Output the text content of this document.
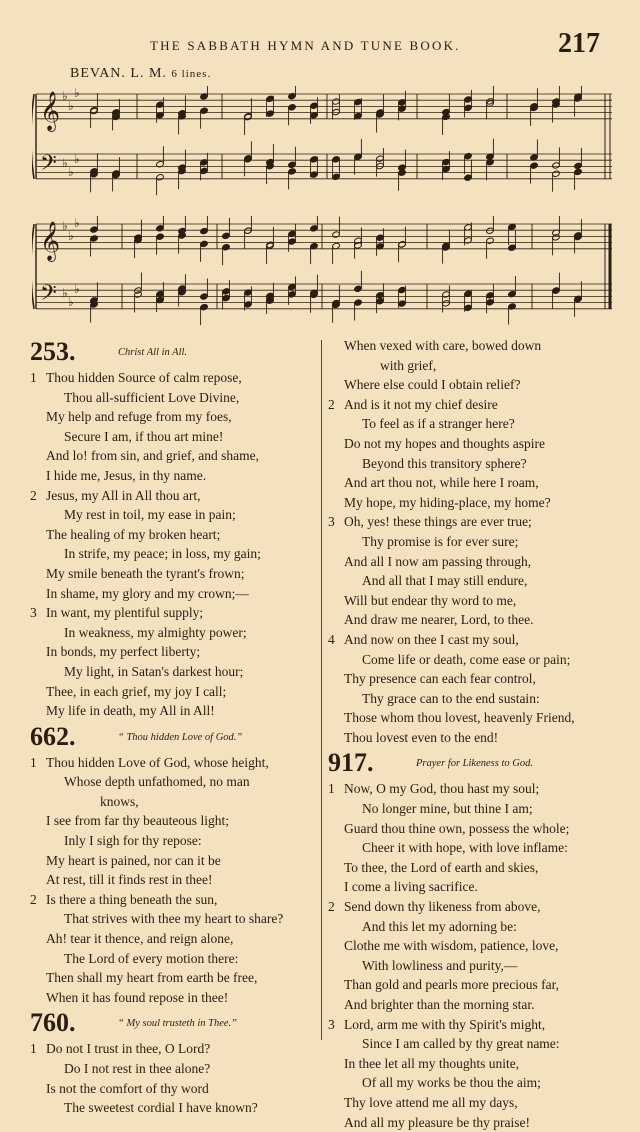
THE SABBATH HYMN AND TUNE BOOK.	217
BEVAN. L. M. 6 lines.
𝄞
𝄢
♭
♭
♭
♭
♭
♭
𝄞
𝄢
♭
♭
♭
♭
♭
♭
253.	Christ All in All.
1 Thou hidden Source of calm repose,
Thou all-sufficient Love Divine,
My help and refuge from my foes,
Secure I am, if thou art mine!
And lo! from sin, and grief, and shame,
I hide me, Jesus, in thy name.
2 Jesus, my All in All thou art,
My rest in toil, my ease in pain;
The healing of my broken heart;
In strife, my peace; in loss, my gain;
My smile beneath the tyrant's frown;
In shame, my glory and my crown;—
3 In want, my plentiful supply;
In weakness, my almighty power;
In bonds, my perfect liberty;
My light, in Satan's darkest hour;
Thee, in each grief, my joy I call;
My life in death, my All in All!
662.	“ Thou hidden Love of God.”
1 Thou hidden Love of God, whose height,
Whose depth unfathomed, no man
knows,
I see from far thy beauteous light;
Inly I sigh for thy repose:
My heart is pained, nor can it be
At rest, till it finds rest in thee!
2 Is there a thing beneath the sun,
That strives with thee my heart to share?
Ah! tear it thence, and reign alone,
The Lord of every motion there:
Then shall my heart from earth be free,
When it has found repose in thee!
760.	“ My soul trusteth in Thee.”
1 Do not I trust in thee, O Lord?
Do I not rest in thee alone?
Is not the comfort of thy word
The sweetest cordial I have known?
When vexed with care, bowed down
with grief,
Where else could I obtain relief?
2 And is it not my chief desire
To feel as if a stranger here?
Do not my hopes and thoughts aspire
Beyond this transitory sphere?
And art thou not, while here I roam,
My hope, my hiding-place, my home?
3 Oh, yes! these things are ever true;
Thy promise is for ever sure;
And all I now am passing through,
And all that I may still endure,
Will but endear thy word to me,
And draw me nearer, Lord, to thee.
4 And now on thee I cast my soul,
Come life or death, come ease or pain;
Thy presence can each fear control,
Thy grace can to the end sustain:
Those whom thou lovest, heavenly Friend,
Thou lovest even to the end!
917.	Prayer for Likeness to God.
1 Now, O my God, thou hast my soul;
No longer mine, but thine I am;
Guard thou thine own, possess the whole;
Cheer it with hope, with love inflame:
To thee, the Lord of earth and skies,
I come a living sacrifice.
2 Send down thy likeness from above,
And this let my adorning be:
Clothe me with wisdom, patience, love,
With lowliness and purity,—
Than gold and pearls more precious far,
And brighter than the morning star.
3 Lord, arm me with thy Spirit's might,
Since I am called by thy great name:
In thee let all my thoughts unite,
Of all my works be thou the aim;
Thy love attend me all my days,
And all my pleasure be thy praise!
